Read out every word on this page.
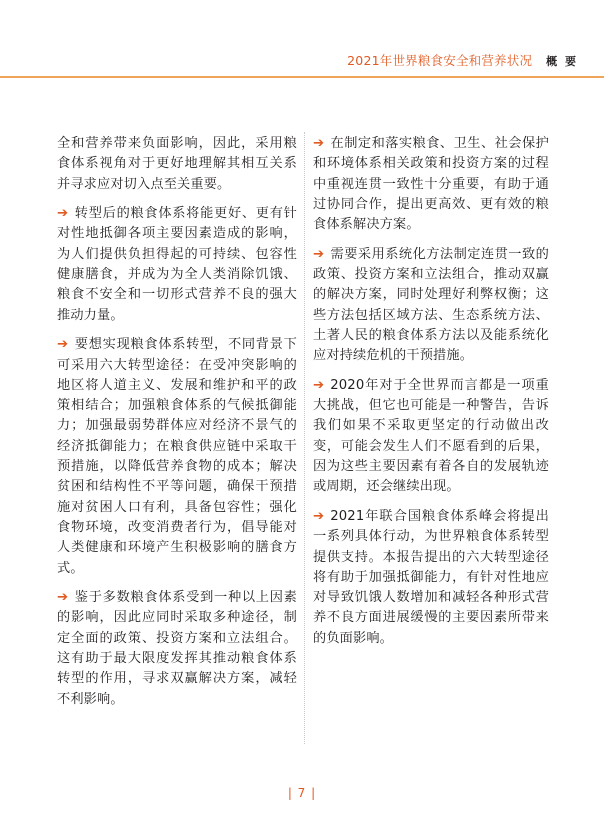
2021年世界粮食安全和营养状况 概 要

全和营养带来负面影响，因此，采用粮食体系视角对于更好地理解其相互关系并寻求应对切入点至关重要。

➔ 转型后的粮食体系将能更好、更有针对性地抵御各项主要因素造成的影响，为人们提供负担得起的可持续、包容性健康膳食，并成为为全人类消除饥饿、粮食不安全和一切形式营养不良的强大推动力量。

➔ 要想实现粮食体系转型，不同背景下可采用六大转型途径：在受冲突影响的地区将人道主义、发展和维护和平的政策相结合；加强粮食体系的气候抵御能力；加强最弱势群体应对经济不景气的经济抵御能力；在粮食供应链中采取干预措施，以降低营养食物的成本；解决贫困和结构性不平等问题，确保干预措施对贫困人口有利，具备包容性；强化食物环境，改变消费者行为，倡导能对人类健康和环境产生积极影响的膳食方式。

➔ 鉴于多数粮食体系受到一种以上因素的影响，因此应同时采取多种途径，制定全面的政策、投资方案和立法组合。这有助于最大限度发挥其推动粮食体系转型的作用，寻求双赢解决方案，减轻不利影响。

➔ 在制定和落实粮食、卫生、社会保护和环境体系相关政策和投资方案的过程中重视连贯一致性十分重要，有助于通过协同合作，提出更高效、更有效的粮食体系解决方案。

➔ 需要采用系统化方法制定连贯一致的政策、投资方案和立法组合，推动双赢的解决方案，同时处理好利弊权衡；这些方法包括区域方法、生态系统方法、土著人民的粮食体系方法以及能系统化应对持续危机的干预措施。

➔ 2020年对于全世界而言都是一项重大挑战，但它也可能是一种警告，告诉我们如果不采取更坚定的行动做出改变，可能会发生人们不愿看到的后果，因为这些主要因素有着各自的发展轨迹或周期，还会继续出现。

➔ 2021年联合国粮食体系峰会将提出一系列具体行动，为世界粮食体系转型提供支持。本报告提出的六大转型途径将有助于加强抵御能力，有针对性地应对导致饥饿人数增加和减轻各种形式营养不良方面进展缓慢的主要因素所带来的负面影响。

| 7 |
